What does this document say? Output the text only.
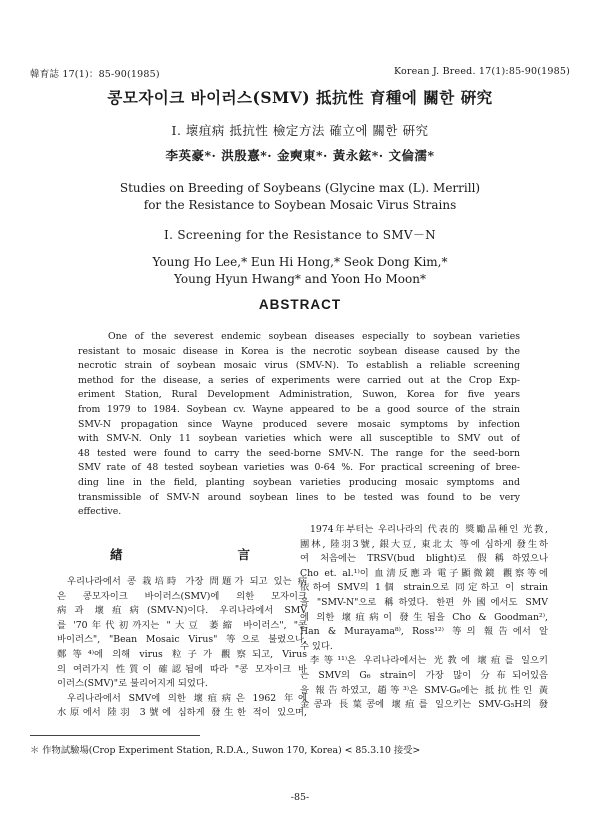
韓育誌 17(1)：85-90(1985)	Korean J. Breed. 17(1):85-90(1985)
콩모자이크 바이러스(SMV) 抵抗性 育種에 關한 硏究
Ⅰ. 壞疽病 抵抗性 檢定方法 確立에 關한 硏究
李英豪*· 洪殷憙*· 金奭東*· 黃永鉉*· 文倫濡*
Studies on Breeding of Soybeans (Glycine max (L). Merrill)
for the Resistance to Soybean Mosaic Virus Strains
Ⅰ. Screening for the Resistance to SMV－N
Young Ho Lee,* Eun Hi Hong,* Seok Dong Kim,*
Young Hyun Hwang* and Yoon Ho Moon*
ABSTRACT
One of the severest endemic soybean diseases especially to soybean varieties
resistant to mosaic disease in Korea is the necrotic soybean disease caused by the
necrotic strain of soybean mosaic virus (SMV-N). To establish a reliable screening
method for the disease, a series of experiments were carried out at the Crop Exp-
eriment Station, Rural Development Administration, Suwon, Korea for five years
from 1979 to 1984. Soybean cv. Wayne appeared to be a good source of the strain
SMV-N propagation since Wayne produced severe mosaic symptoms by infection
with SMV-N. Only 11 soybean varieties which were all susceptible to SMV out of
48 tested were found to carry the seed-borne SMV-N. The range for the seed-born
SMV rate of 48 tested soybean varieties was 0-64 %. For practical screening of bree-
ding line in the field, planting soybean varieties producing mosaic symptoms and
transmissible of SMV-N around soybean lines to be tested was found to be very
effective.
緖	言
우리나라에서 콩 栽培時 가장 問題가 되고 있는 病
은 콩모자이크 바이러스(SMV)에 의한 모자이크
病과 壞疽病(SMV-N)이다. 우리나라에서 SMV
를 '70年代初까지는 "大豆 萎縮 바이러스", "콩
바이러스", "Bean Mosaic Virus" 等으로 불렸으나,
鄭等⁴⁾에 의해 virus 粒子가 觀察되고, Virus
의 여러가지 性質이 確認됨에 따라 "콩 모자이크 바
이러스(SMV)"로 불리어지게 되었다.
우리나라에서 SMV에 의한 壞疽病은 1962 年에
水原에서 陸羽 3號에 심하게 發生한 적이 있으며,
1974年부터는 우리나라의 代表的 獎勵品種인 光教,
團林, 陸羽3號, 銀大豆, 東北太 等에 심하게 發生하
여 처음에는 TRSV(bud blight)로 假稱하였으나
Cho et. al.¹⁾이 血淸反應과 電子顯微鏡 觀察等에
依하여 SMV의 1個 strain으로 同定하고 이 strain
을 "SMV-N"으로 稱하였다. 한편 外國에서도 SMV
에 의한 壞疽病이 發生됨을 Cho & Goodman²⁾,
Han & Murayama⁸⁾, Ross¹²⁾ 等의 報告에서 알
수 있다.
李等¹¹⁾은 우리나라에서는 光教에 壞疽를 일으키
는 SMV의 G₆ strain이 가장 많이 分布되어있음
을 報告하였고, 趙等³⁾은 SMV-G₆에는 抵抗性인 黃
金콩과 長葉콩에 壞疽를 일으키는 SMV-G₅H의 發
＊ 作物試驗場(Crop Experiment Station, R.D.A., Suwon 170, Korea) < 85.3.10 接受>
-85-
